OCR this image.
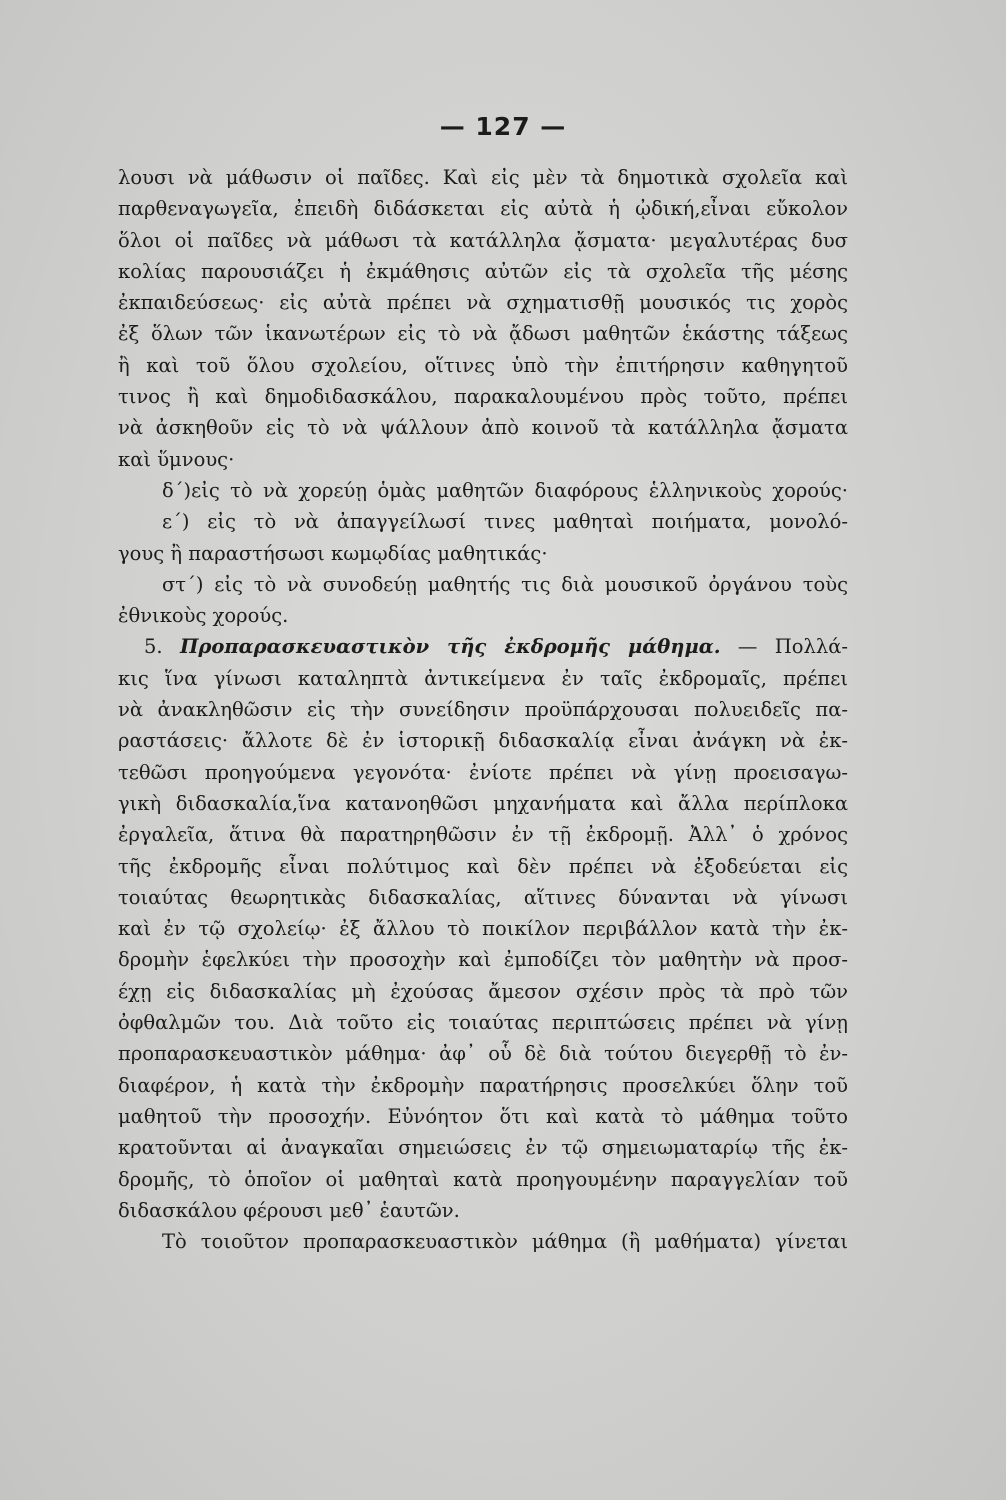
— 127 —
λουσι νὰ μάθωσιν οἱ παῖδες. Καὶ εἰς μὲν τὰ δημοτικὰ σχολεῖα καὶ
παρθεναγωγεῖα, ἐπειδὴ διδάσκεται εἰς αὐτὰ ἡ ᾠδική,εἶναι εὔκολον
ὅλοι οἱ παῖδες νὰ μάθωσι τὰ κατάλληλα ᾄσματα· μεγαλυτέρας δυσ
κολίας παρουσιάζει ἡ ἐκμάθησις αὐτῶν εἰς τὰ σχολεῖα τῆς μέσης
ἐκπαιδεύσεως· εἰς αὐτὰ πρέπει νὰ σχηματισθῇ μουσικός τις χορὸς
ἐξ ὅλων τῶν ἱκανωτέρων εἰς τὸ νὰ ᾄδωσι μαθητῶν ἑκάστης τάξεως
ἢ καὶ τοῦ ὅλου σχολείου, οἵτινες ὑπὸ τὴν ἐπιτήρησιν καθηγητοῦ
τινος ἢ καὶ δημοδιδασκάλου, παρακαλουμένου πρὸς τοῦτο, πρέπει
νὰ ἀσκηθοῦν εἰς τὸ νὰ ψάλλουν ἀπὸ κοινοῦ τὰ κατάλληλα ᾄσματα
καὶ ὕμνους·
δ΄)εἰς τὸ νὰ χορεύῃ ὁμὰς μαθητῶν διαφόρους ἑλληνικοὺς χορούς·
ε΄) εἰς τὸ νὰ ἀπαγγείλωσί τινες μαθηταὶ ποιήματα, μονολό-
γους ἢ παραστήσωσι κωμῳδίας μαθητικάς·
στ΄) εἰς τὸ νὰ συνοδεύῃ μαθητής τις διὰ μουσικοῦ ὀργάνου τοὺς
ἐθνικοὺς χορούς.
5. Προπαρασκευαστικὸν τῆς ἐκδρομῆς μάθημα. — Πολλά-
κις ἵνα γίνωσι καταληπτὰ ἀντικείμενα ἐν ταῖς ἐκδρομαῖς, πρέπει
νὰ ἀνακληθῶσιν εἰς τὴν συνείδησιν προϋπάρχουσαι πολυειδεῖς πα-
ραστάσεις· ἄλλοτε δὲ ἐν ἱστορικῇ διδασκαλίᾳ εἶναι ἀνάγκη νὰ ἐκ-
τεθῶσι προηγούμενα γεγονότα· ἐνίοτε πρέπει νὰ γίνῃ προεισαγω-
γικὴ διδασκαλία,ἵνα κατανοηθῶσι μηχανήματα καὶ ἄλλα περίπλοκα
ἐργαλεῖα, ἅτινα θὰ παρατηρηθῶσιν ἐν τῇ ἐκδρομῇ. Ἀλλ᾿ ὁ χρόνος
τῆς ἐκδρομῆς εἶναι πολύτιμος καὶ δὲν πρέπει νὰ ἐξοδεύεται εἰς
τοιαύτας θεωρητικὰς διδασκαλίας, αἵτινες δύνανται νὰ γίνωσι
καὶ ἐν τῷ σχολείῳ· ἐξ ἄλλου τὸ ποικίλον περιβάλλον κατὰ τὴν ἐκ-
δρομὴν ἑφελκύει τὴν προσοχὴν καὶ ἐμποδίζει τὸν μαθητὴν νὰ προσ-
έχῃ εἰς διδασκαλίας μὴ ἐχούσας ἄμεσον σχέσιν πρὸς τὰ πρὸ τῶν
ὀφθαλμῶν του. Διὰ τοῦτο εἰς τοιαύτας περιπτώσεις πρέπει νὰ γίνῃ
προπαρασκευαστικὸν μάθημα· ἀφ᾿ οὗ δὲ διὰ τούτου διεγερθῇ τὸ ἐν-
διαφέρον, ἡ κατὰ τὴν ἐκδρομὴν παρατήρησις προσελκύει ὅλην τοῦ
μαθητοῦ τὴν προσοχήν. Εὐνόητον ὅτι καὶ κατὰ τὸ μάθημα τοῦτο
κρατοῦνται αἱ ἀναγκαῖαι σημειώσεις ἐν τῷ σημειωματαρίῳ τῆς ἐκ-
δρομῆς, τὸ ὁποῖον οἱ μαθηταὶ κατὰ προηγουμένην παραγγελίαν τοῦ
διδασκάλου φέρουσι μεθ᾿ ἑαυτῶν.
Τὸ τοιοῦτον προπαρασκευαστικὸν μάθημα (ἢ μαθήματα) γίνεται
